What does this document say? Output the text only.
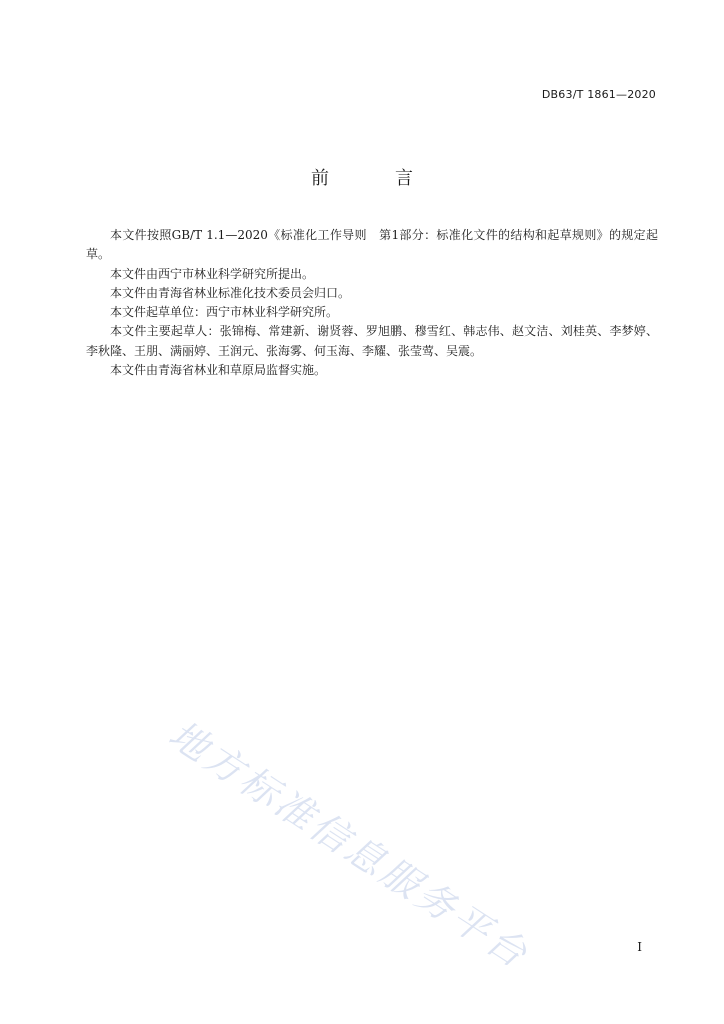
DB63/T 1861—2020
前　言

本文件按照GB/T 1.1—2020《标准化工作导则　第1部分：标准化文件的结构和起草规则》的规定起草。

本文件由西宁市林业科学研究所提出。

本文件由青海省林业标准化技术委员会归口。

本文件起草单位：西宁市林业科学研究所。

本文件主要起草人：张锦梅、常建新、谢贤蓉、罗旭鹏、穆雪红、韩志伟、赵文洁、刘桂英、李梦婷、李秋隆、王朋、满丽婷、王润元、张海雾、何玉海、李耀、张莹莺、吴震。

本文件由青海省林业和草原局监督实施。

地方标准信息服务平台	I
